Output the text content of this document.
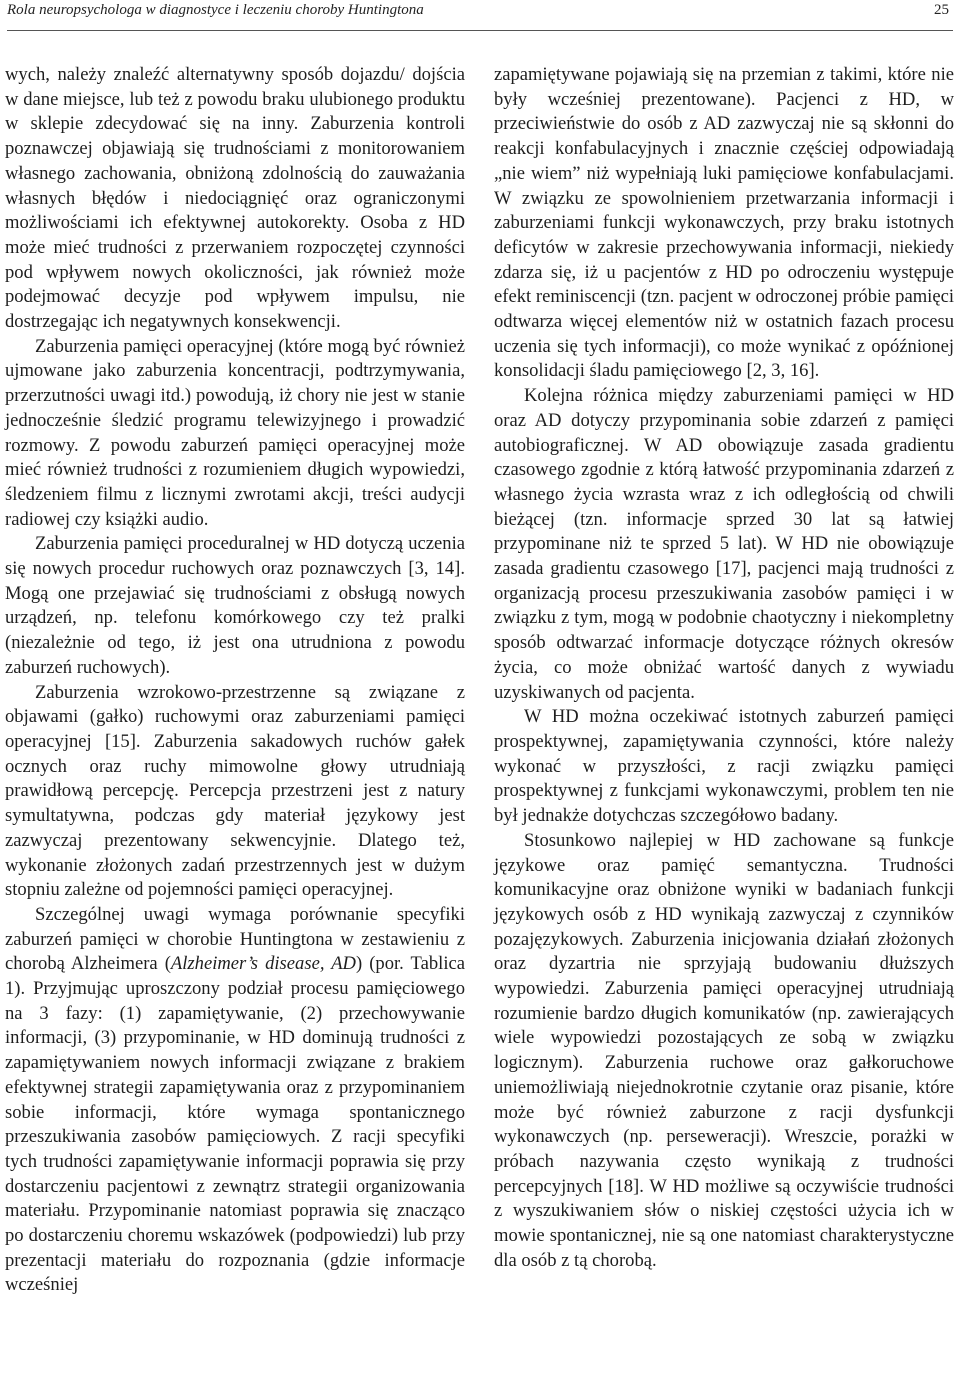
Rola neuropsychologa w diagnostyce i leczeniu choroby Huntingtona	25

wych, należy znaleźć alternatywny sposób dojazdu/ dojścia w dane miejsce, lub też z powodu braku ulubionego produktu w sklepie zdecydować się na inny. Zaburzenia kontroli poznawczej objawiają się trudnościami z monitorowaniem własnego zachowania, obniżoną zdolnością do zauważania własnych błędów i niedociągnięć oraz ograniczonymi możliwościami ich efektywnej autokorekty. Osoba z HD może mieć trudności z przerwaniem rozpoczętej czynności pod wpływem nowych okoliczności, jak również może podejmować decyzje pod wpływem impulsu, nie dostrzegając ich negatywnych konsekwencji.

Zaburzenia pamięci operacyjnej (które mogą być również ujmowane jako zaburzenia koncentracji, podtrzymywania, przerzutności uwagi itd.) powodują, iż chory nie jest w stanie jednocześnie śledzić programu telewizyjnego i prowadzić rozmowy. Z powodu zaburzeń pamięci operacyjnej może mieć również trudności z rozumieniem długich wypowiedzi, śledzeniem filmu z licznymi zwrotami akcji, treści audycji radiowej czy książki audio.

Zaburzenia pamięci proceduralnej w HD dotyczą uczenia się nowych procedur ruchowych oraz poznawczych [3, 14]. Mogą one przejawiać się trudnościami z obsługą nowych urządzeń, np. telefonu komórkowego czy też pralki (niezależnie od tego, iż jest ona utrudniona z powodu zaburzeń ruchowych).

Zaburzenia wzrokowo-przestrzenne są związane z objawami (gałko) ruchowymi oraz zaburzeniami pamięci operacyjnej [15]. Zaburzenia sakadowych ruchów gałek ocznych oraz ruchy mimowolne głowy utrudniają prawidłową percepcję. Percepcja przestrzeni jest z natury symultatywna, podczas gdy materiał językowy jest zazwyczaj prezentowany sekwencyjnie. Dlatego też, wykonanie złożonych zadań przestrzennych jest w dużym stopniu zależne od pojemności pamięci operacyjnej.

Szczególnej uwagi wymaga porównanie specyfiki zaburzeń pamięci w chorobie Huntingtona w zestawieniu z chorobą Alzheimera (Alzheimer’s disease, AD) (por. Tablica 1). Przyjmując uproszczony podział procesu pamięciowego na 3 fazy: (1) zapamiętywanie, (2) przechowywanie informacji, (3) przypominanie, w HD dominują trudności z zapamiętywaniem nowych informacji związane z brakiem efektywnej strategii zapamiętywania oraz z przypominaniem sobie informacji, które wymaga spontanicznego przeszukiwania zasobów pamięciowych. Z racji specyfiki tych trudności zapamiętywanie informacji poprawia się przy dostarczeniu pacjentowi z zewnątrz strategii organizowania materiału. Przypominanie natomiast poprawia się znacząco po dostarczeniu choremu wskazówek (podpowiedzi) lub przy prezentacji materiału do rozpoznania (gdzie informacje wcześniej

zapamiętywane pojawiają się na przemian z takimi, które nie były wcześniej prezentowane). Pacjenci z HD, w przeciwieństwie do osób z AD zazwyczaj nie są skłonni do reakcji konfabulacyjnych i znacznie częściej odpowiadają „nie wiem” niż wypełniają luki pamięciowe konfabulacjami. W związku ze spowolnieniem przetwarzania informacji i zaburzeniami funkcji wykonawczych, przy braku istotnych deficytów w zakresie przechowywania informacji, niekiedy zdarza się, iż u pacjentów z HD po odroczeniu występuje efekt reminiscencji (tzn. pacjent w odroczonej próbie pamięci odtwarza więcej elementów niż w ostatnich fazach procesu uczenia się tych informacji), co może wynikać z opóźnionej konsolidacji śladu pamięciowego [2, 3, 16].

Kolejna różnica między zaburzeniami pamięci w HD oraz AD dotyczy przypominania sobie zdarzeń z pamięci autobiograficznej. W AD obowiązuje zasada gradientu czasowego zgodnie z którą łatwość przypominania zdarzeń z własnego życia wzrasta wraz z ich odległością od chwili bieżącej (tzn. informacje sprzed 30 lat są łatwiej przypominane niż te sprzed 5 lat). W HD nie obowiązuje zasada gradientu czasowego [17], pacjenci mają trudności z organizacją procesu przeszukiwania zasobów pamięci i w związku z tym, mogą w podobnie chaotyczny i niekompletny sposób odtwarzać informacje dotyczące różnych okresów życia, co może obniżać wartość danych z wywiadu uzyskiwanych od pacjenta.

W HD można oczekiwać istotnych zaburzeń pamięci prospektywnej, zapamiętywania czynności, które należy wykonać w przyszłości, z racji związku pamięci prospektywnej z funkcjami wykonawczymi, problem ten nie był jednakże dotychczas szczegółowo badany.

Stosunkowo najlepiej w HD zachowane są funkcje językowe oraz pamięć semantyczna. Trudności komunikacyjne oraz obniżone wyniki w badaniach funkcji językowych osób z HD wynikają zazwyczaj z czynników pozajęzykowych. Zaburzenia inicjowania działań złożonych oraz dyzartria nie sprzyjają budowaniu dłuższych wypowiedzi. Zaburzenia pamięci operacyjnej utrudniają rozumienie bardzo długich komunikatów (np. zawierających wiele wypowiedzi pozostających ze sobą w związku logicznym). Zaburzenia ruchowe oraz gałkoruchowe uniemożliwiają niejednokrotnie czytanie oraz pisanie, które może być również zaburzone z racji dysfunkcji wykonawczych (np. perseweracji). Wreszcie, porażki w próbach nazywania często wynikają z trudności percepcyjnych [18]. W HD możliwe są oczywiście trudności z wyszukiwaniem słów o niskiej częstości użycia ich w mowie spontanicznej, nie są one natomiast charakterystyczne dla osób z tą chorobą.
